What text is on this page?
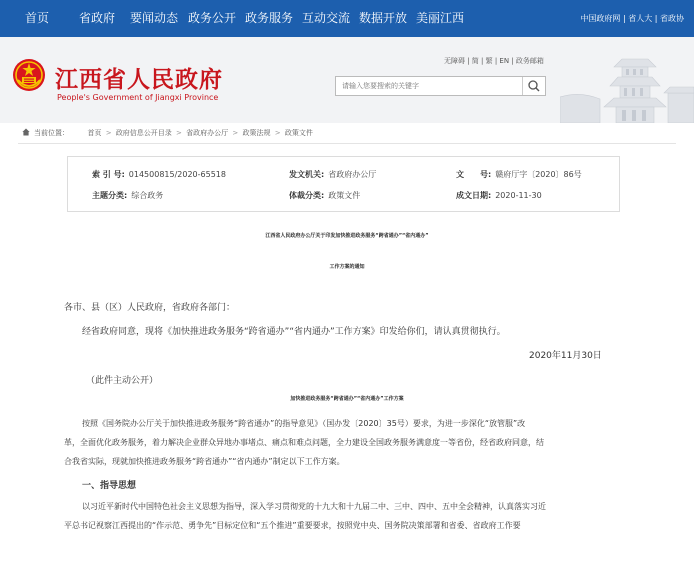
首页 省政府 要闻动态 政务公开 政务服务 互动交流 数据开放 美丽江西	中国政府网 | 省人大 | 省政协
江西省人民政府
People's Government of Jiangxi Province
无障碍 | 简 | 繁 | EN | 政务邮箱
请输入您要搜索的关键字
当前位置：	首页 > 政府信息公开目录 > 省政府办公厅 > 政策法规 > 政策文件
索 引 号: 014500815/2020-65518	发文机关: 省政府办公厅	文　　号: 赣府厅字〔2020〕86号
主题分类: 综合政务	体裁分类: 政策文件	成文日期: 2020-11-30
江西省人民政府办公厅关于印发加快推进政务服务“跨省通办”“省内通办”
工作方案的通知
各市、县（区）人民政府，省政府各部门：
经省政府同意，现将《加快推进政务服务“跨省通办”“省内通办”工作方案》印发给你们，请认真贯彻执行。
2020年11月30日
（此件主动公开）
加快推进政务服务“跨省通办”“省内通办”工作方案
按照《国务院办公厅关于加快推进政务服务“跨省通办”的指导意见》（国办发〔2020〕35号）要求，为进一步深化“放管服”改
革，全面优化政务服务，着力解决企业群众异地办事堵点、痛点和难点问题，全力建设全国政务服务满意度一等省份，经省政府同意，结
合我省实际，现就加快推进政务服务“跨省通办”“省内通办”制定以下工作方案。
一、指导思想
以习近平新时代中国特色社会主义思想为指导，深入学习贯彻党的十九大和十九届二中、三中、四中、五中全会精神，认真落实习近
平总书记视察江西提出的“作示范、勇争先”目标定位和“五个推进”重要要求，按照党中央、国务院决策部署和省委、省政府工作要
